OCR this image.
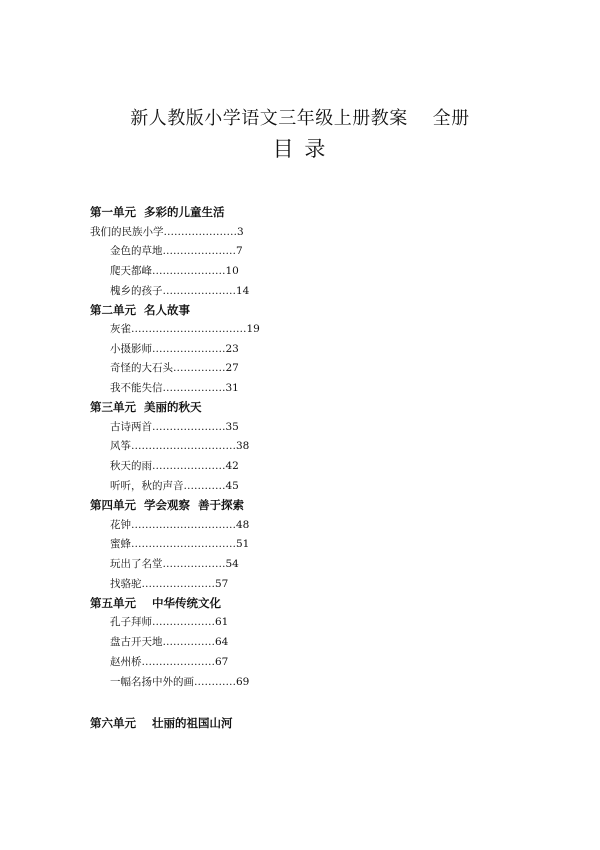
新人教版小学语文三年级上册教案    全册
目 录
第一单元  多彩的儿童生活
我们的民族小学…………………3
金色的草地…………………7
爬天都峰…………………10
槐乡的孩子…………………14
第二单元  名人故事
灰雀……………………………19
小摄影师…………………23
奇怪的大石头……………27
我不能失信………………31
第三单元  美丽的秋天
古诗两首…………………35
风筝…………………………38
秋天的雨…………………42
听听，秋的声音…………45
第四单元  学会观察  善于探索
花钟…………………………48
蜜蜂…………………………51
玩出了名堂………………54
找骆驼…………………57
第五单元    中华传统文化
孔子拜师………………61
盘古开天地……………64
赵州桥…………………67
一幅名扬中外的画…………69
第六单元    壮丽的祖国山河
